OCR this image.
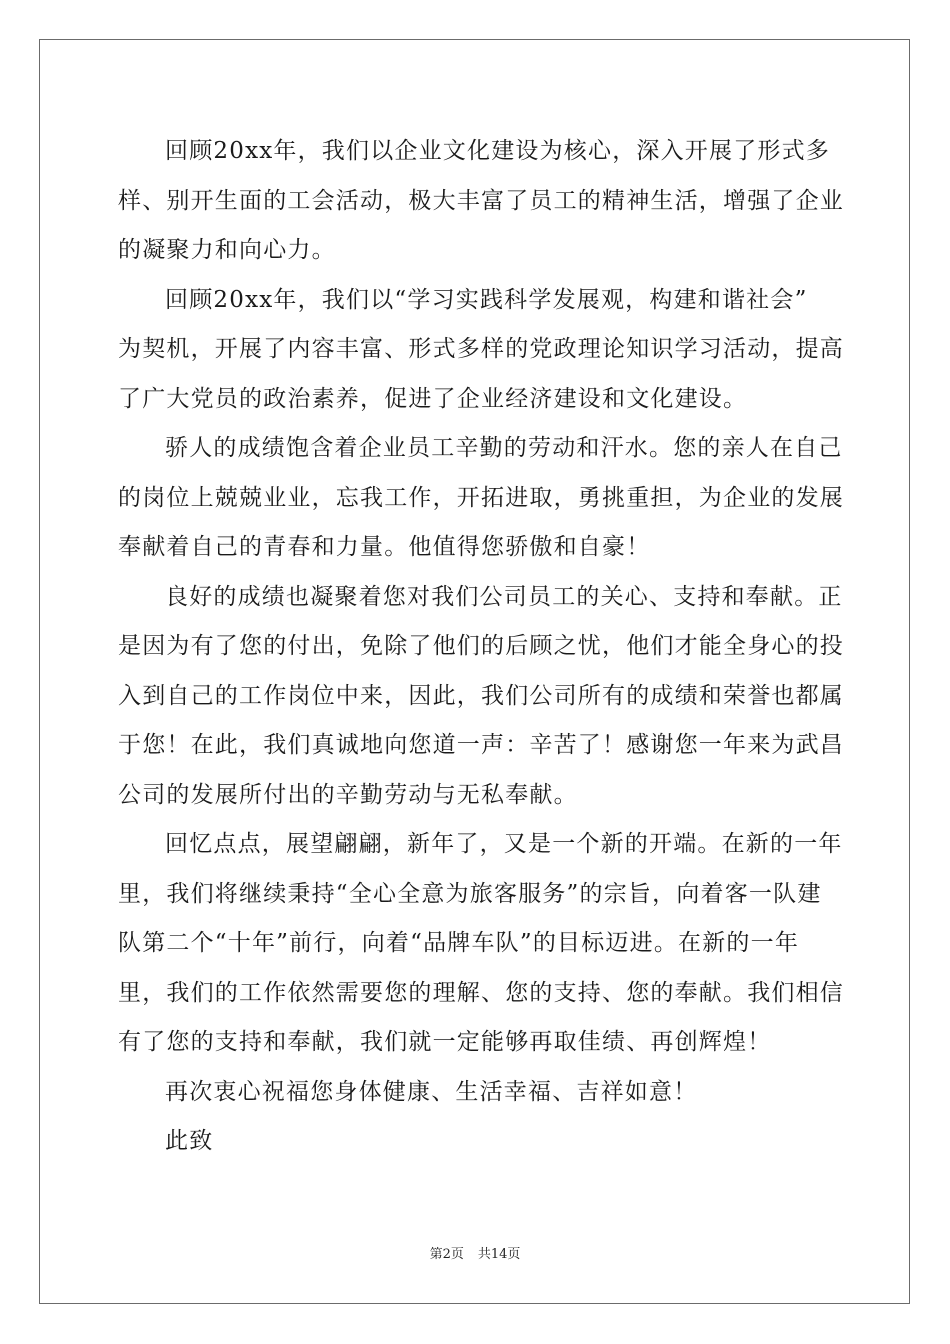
回顾20xx年，我们以企业文化建设为核心，深入开展了形式多
样、别开生面的工会活动，极大丰富了员工的精神生活，增强了企业
的凝聚力和向心力。
回顾20xx年，我们以“学习实践科学发展观，构建和谐社会”
为契机，开展了内容丰富、形式多样的党政理论知识学习活动，提高
了广大党员的政治素养，促进了企业经济建设和文化建设。
骄人的成绩饱含着企业员工辛勤的劳动和汗水。您的亲人在自己
的岗位上兢兢业业，忘我工作，开拓进取，勇挑重担，为企业的发展
奉献着自己的青春和力量。他值得您骄傲和自豪！
良好的成绩也凝聚着您对我们公司员工的关心、支持和奉献。正
是因为有了您的付出，免除了他们的后顾之忧，他们才能全身心的投
入到自己的工作岗位中来，因此，我们公司所有的成绩和荣誉也都属
于您！在此，我们真诚地向您道一声：辛苦了！感谢您一年来为武昌
公司的发展所付出的辛勤劳动与无私奉献。
回忆点点，展望翩翩，新年了，又是一个新的开端。在新的一年
里，我们将继续秉持“全心全意为旅客服务”的宗旨，向着客一队建
队第二个“十年”前行，向着“品牌车队”的目标迈进。在新的一年
里，我们的工作依然需要您的理解、您的支持、您的奉献。我们相信
有了您的支持和奉献，我们就一定能够再取佳绩、再创辉煌！
再次衷心祝福您身体健康、生活幸福、吉祥如意！
此致
第2页 共14页
